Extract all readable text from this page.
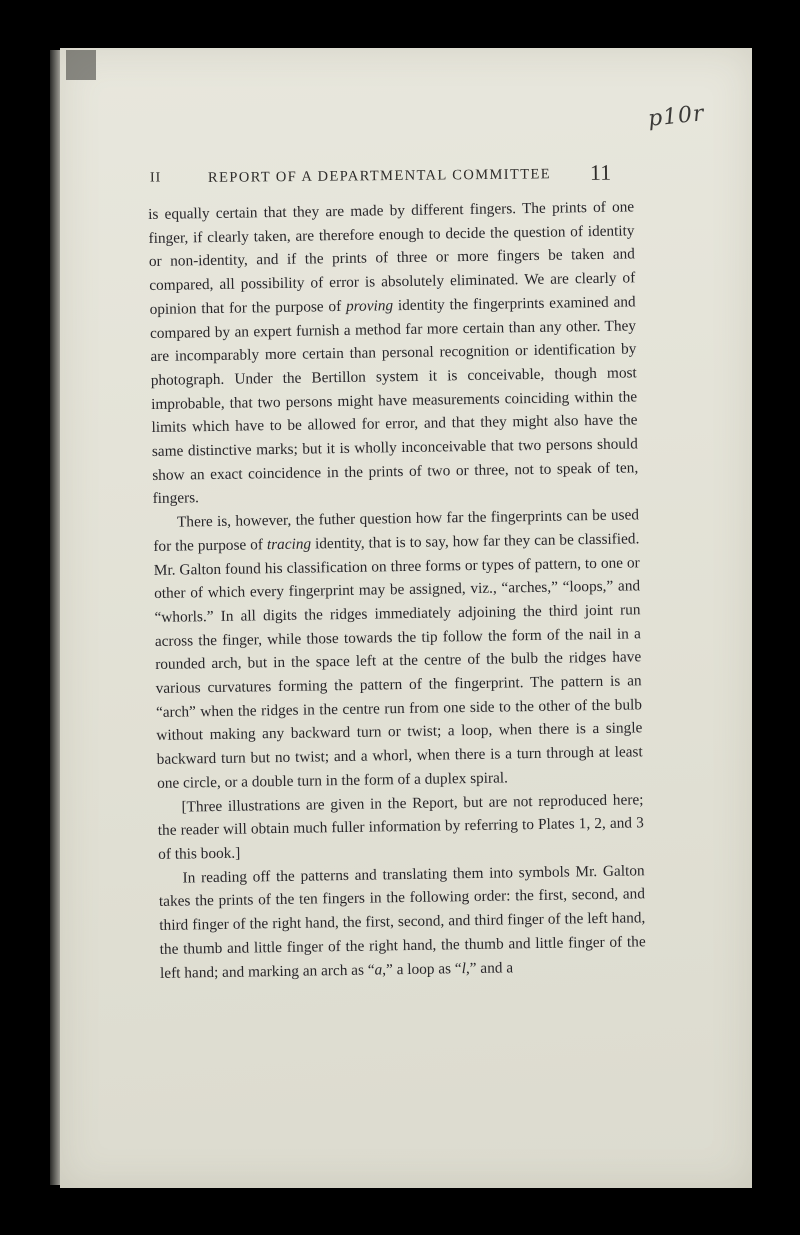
p10r
II	REPORT OF A DEPARTMENTAL COMMITTEE 11

is equally certain that they are made by different fingers. The prints of one finger, if clearly taken, are therefore enough to decide the question of identity or non-identity, and if the prints of three or more fingers be taken and compared, all possibility of error is absolutely eliminated. We are clearly of opinion that for the purpose of proving identity the fingerprints examined and compared by an expert furnish a method far more certain than any other. They are incomparably more certain than personal recognition or identification by photograph. Under the Bertillon system it is conceivable, though most improbable, that two persons might have measurements coinciding within the limits which have to be allowed for error, and that they might also have the same distinctive marks; but it is wholly inconceivable that two persons should show an exact coincidence in the prints of two or three, not to speak of ten, fingers.

There is, however, the futher question how far the fingerprints can be used for the purpose of tracing identity, that is to say, how far they can be classified. Mr. Galton found his classification on three forms or types of pattern, to one or other of which every fingerprint may be assigned, viz., “arches,” “loops,” and “whorls.” In all digits the ridges immediately adjoining the third joint run across the finger, while those towards the tip follow the form of the nail in a rounded arch, but in the space left at the centre of the bulb the ridges have various curvatures forming the pattern of the fingerprint. The pattern is an “arch” when the ridges in the centre run from one side to the other of the bulb without making any backward turn or twist; a loop, when there is a single backward turn but no twist; and a whorl, when there is a turn through at least one circle, or a double turn in the form of a duplex spiral.

[Three illustrations are given in the Report, but are not reproduced here; the reader will obtain much fuller information by referring to Plates 1, 2, and 3 of this book.]

In reading off the patterns and translating them into symbols Mr. Galton takes the prints of the ten fingers in the following order: the first, second, and third finger of the right hand, the first, second, and third finger of the left hand, the thumb and little finger of the right hand, the thumb and little finger of the left hand; and marking an arch as “a,” a loop as “l,” and a
